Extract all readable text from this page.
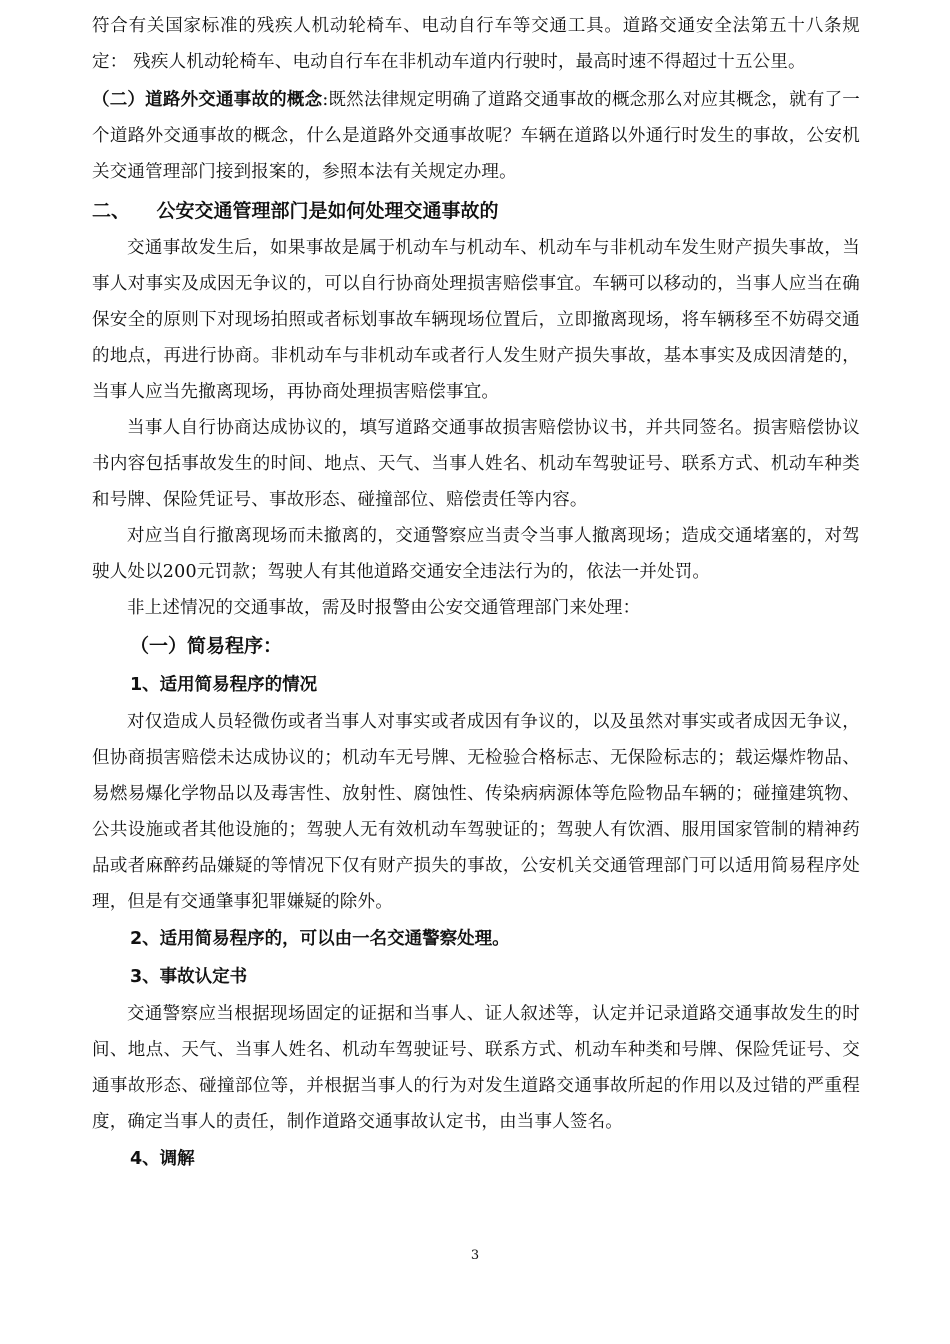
符合有关国家标准的残疾人机动轮椅车、电动自行车等交通工具。道路交通安全法第五十八条规定： 残疾人机动轮椅车、电动自行车在非机动车道内行驶时，最高时速不得超过十五公里。

（二）道路外交通事故的概念:既然法律规定明确了道路交通事故的概念那么对应其概念，就有了一个道路外交通事故的概念，什么是道路外交通事故呢？车辆在道路以外通行时发生的事故，公安机关交通管理部门接到报案的，参照本法有关规定办理。

二、    公安交通管理部门是如何处理交通事故的

交通事故发生后，如果事故是属于机动车与机动车、机动车与非机动车发生财产损失事故，当事人对事实及成因无争议的，可以自行协商处理损害赔偿事宜。车辆可以移动的，当事人应当在确保安全的原则下对现场拍照或者标划事故车辆现场位置后，立即撤离现场，将车辆移至不妨碍交通的地点，再进行协商。非机动车与非机动车或者行人发生财产损失事故，基本事实及成因清楚的，当事人应当先撤离现场，再协商处理损害赔偿事宜。

当事人自行协商达成协议的，填写道路交通事故损害赔偿协议书，并共同签名。损害赔偿协议书内容包括事故发生的时间、地点、天气、当事人姓名、机动车驾驶证号、联系方式、机动车种类和号牌、保险凭证号、事故形态、碰撞部位、赔偿责任等内容。

对应当自行撤离现场而未撤离的，交通警察应当责令当事人撤离现场；造成交通堵塞的，对驾驶人处以200元罚款；驾驶人有其他道路交通安全违法行为的，依法一并处罚。

非上述情况的交通事故，需及时报警由公安交通管理部门来处理：

（一）简易程序：
1、适用简易程序的情况

对仅造成人员轻微伤或者当事人对事实或者成因有争议的，以及虽然对事实或者成因无争议，但协商损害赔偿未达成协议的；机动车无号牌、无检验合格标志、无保险标志的；载运爆炸物品、易燃易爆化学物品以及毒害性、放射性、腐蚀性、传染病病源体等危险物品车辆的；碰撞建筑物、公共设施或者其他设施的；驾驶人无有效机动车驾驶证的；驾驶人有饮酒、服用国家管制的精神药品或者麻醉药品嫌疑的等情况下仅有财产损失的事故，公安机关交通管理部门可以适用简易程序处理，但是有交通肇事犯罪嫌疑的除外。

2、适用简易程序的，可以由一名交通警察处理。
3、事故认定书

交通警察应当根据现场固定的证据和当事人、证人叙述等，认定并记录道路交通事故发生的时间、地点、天气、当事人姓名、机动车驾驶证号、联系方式、机动车种类和号牌、保险凭证号、交通事故形态、碰撞部位等，并根据当事人的行为对发生道路交通事故所起的作用以及过错的严重程度，确定当事人的责任，制作道路交通事故认定书，由当事人签名。

4、调解
3
